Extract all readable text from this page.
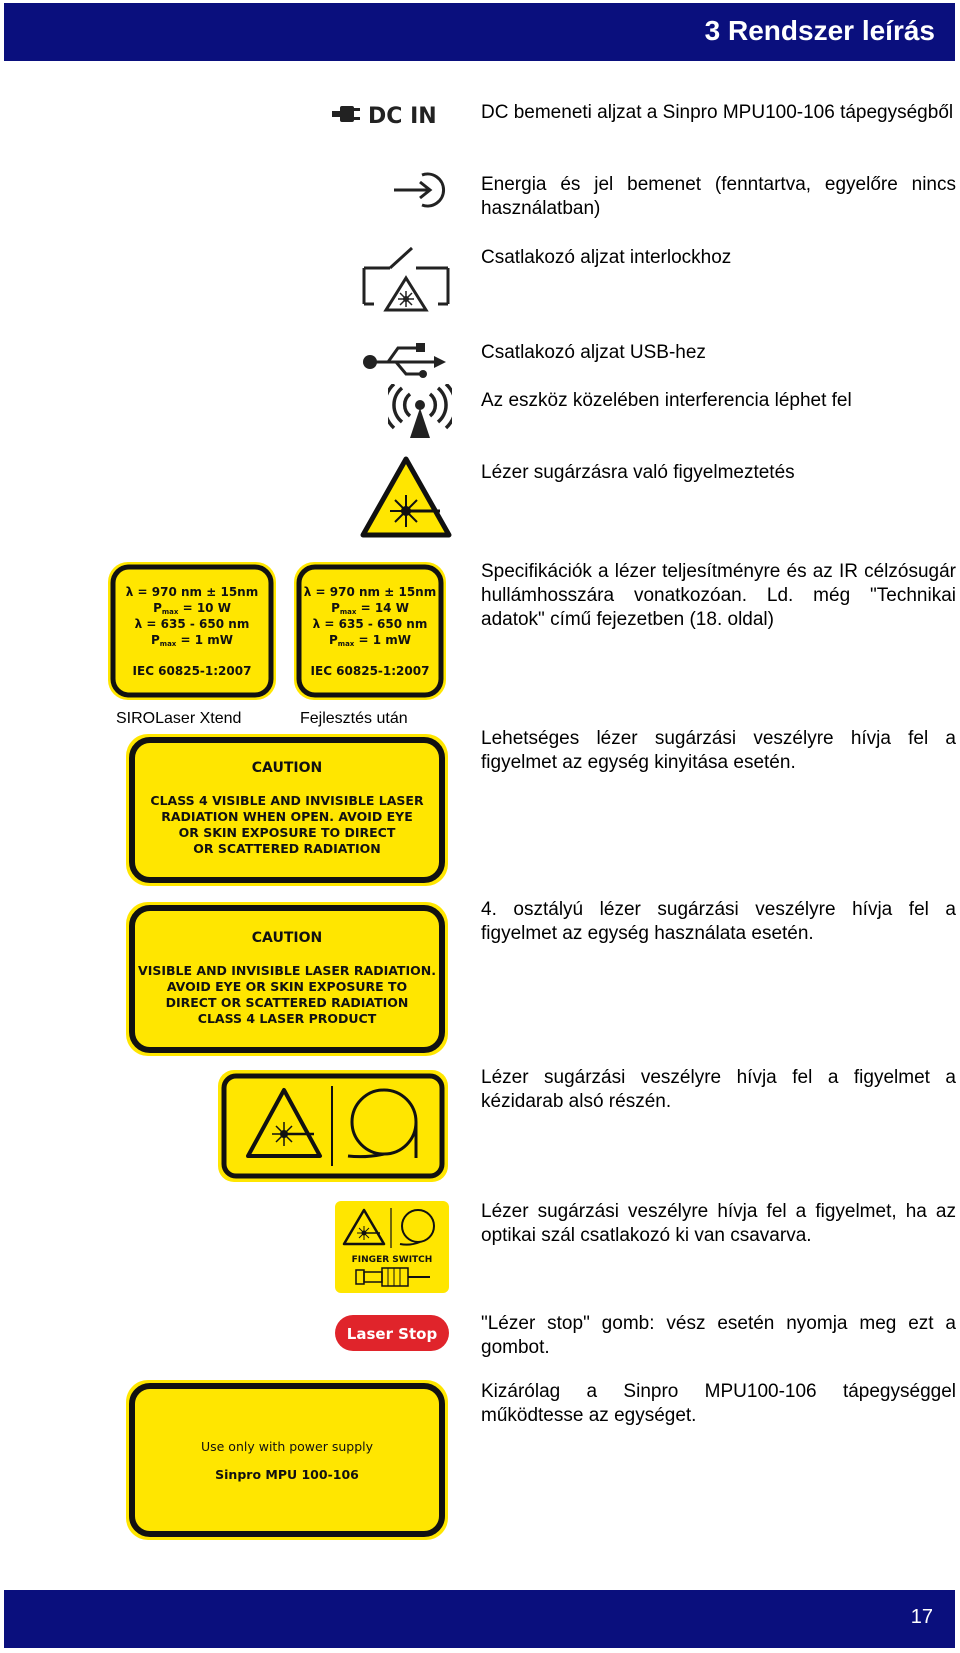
3 Rendszer leírás
DC IN DC bemeneti aljzat a Sinpro MPU100-106 tápegységből
Energia és jel bemenet (fenntartva, egyelőre nincs használatban)
Csatlakozó aljzat interlockhoz
Csatlakozó aljzat USB-hez
Az eszköz közelében interferencia léphet fel
Lézer sugárzásra való figyelmeztetés
λ = 970 nm ± 15nm
Pmax = 10 W
λ = 635 - 650 nm
Pmax = 1 mW
IEC 60825-1:2007
λ = 970 nm ± 15nm
Pmax = 14 W
λ = 635 - 650 nm
Pmax = 1 mW
IEC 60825-1:2007
Specifikációk a lézer teljesítményre és az IR célzósugár hullámhosszára vonatkozóan. Ld. még "Technikai adatok" című fejezetben (18. oldal)
SIROLaser Xtend	Fejlesztés után
CAUTION
CLASS 4 VISIBLE AND INVISIBLE LASER
RADIATION WHEN OPEN. AVOID EYE
OR SKIN EXPOSURE TO DIRECT
OR SCATTERED RADIATION
Lehetséges lézer sugárzási veszélyre hívja fel a figyelmet az egység kinyitása esetén.
CAUTION
VISIBLE AND INVISIBLE LASER RADIATION.
AVOID EYE OR SKIN EXPOSURE TO
DIRECT OR SCATTERED RADIATION
CLASS 4 LASER PRODUCT
4. osztályú lézer sugárzási veszélyre hívja fel a figyelmet az egység használata esetén.
Lézer sugárzási veszélyre hívja fel a figyelmet a kézidarab alsó részén.
FINGER SWITCH
Lézer sugárzási veszélyre hívja fel a figyelmet, ha az optikai szál csatlakozó ki van csavarva.
Laser Stop "Lézer stop" gomb: vész esetén nyomja meg ezt a gombot.
Use only with power supply
Sinpro MPU 100-106
Kizárólag a Sinpro MPU100-106 tápegységgel működtesse az egységet.
17
